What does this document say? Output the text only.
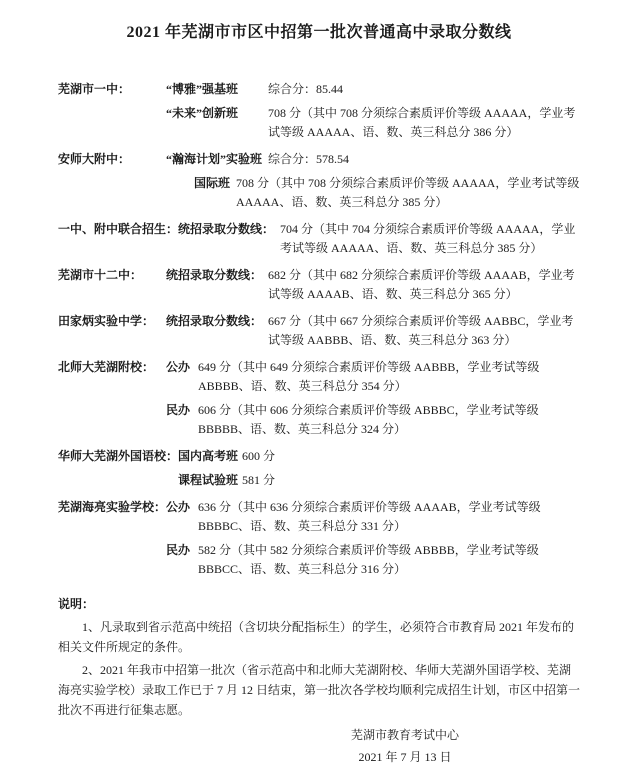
2021 年芜湖市市区中招第一批次普通高中录取分数线
芜湖市一中：	“博雅”强基班	综合分：85.44
“未来”创新班	708 分（其中 708 分须综合素质评价等级 AAAAA，学业考试等级 AAAAA、语、数、英三科总分 386 分）
安师大附中：	“瀚海计划”实验班 综合分：578.54
国际班 708 分（其中 708 分须综合素质评价等级 AAAAA，学业考试等级 AAAAA、语、数、英三科总分 385 分）
一中、附中联合招生： 统招录取分数线： 704 分（其中 704 分须综合素质评价等级 AAAAA，学业考试等级 AAAAA、语、数、英三科总分 385 分）
芜湖市十二中：	统招录取分数线： 682 分（其中 682 分须综合素质评价等级 AAAAB，学业考试等级 AAAAB、语、数、英三科总分 365 分）
田家炳实验中学： 统招录取分数线： 667 分（其中 667 分须综合素质评价等级 AABBC，学业考试等级 AABBB、语、数、英三科总分 363 分）
北师大芜湖附校： 公办 649 分（其中 649 分须综合素质评价等级 AABBB，学业考试等级 ABBBB、语、数、英三科总分 354 分）
民办 606 分（其中 606 分须综合素质评价等级 ABBBC，学业考试等级 BBBBB、语、数、英三科总分 324 分）
华师大芜湖外国语校： 国内高考班 600 分
课程试验班 581 分
芜湖海亮实验学校： 公办 636 分（其中 636 分须综合素质评价等级 AAAAB，学业考试等级 BBBBC、语、数、英三科总分 331 分）
民办 582 分（其中 582 分须综合素质评价等级 ABBBB，学业考试等级 BBBCC、语、数、英三科总分 316 分）
说明：

1、凡录取到省示范高中统招（含切块分配指标生）的学生，必须符合市教育局 2021 年发布的相关文件所规定的条件。

2、2021 年我市中招第一批次（省示范高中和北师大芜湖附校、华师大芜湖外国语学校、芜湖海亮实验学校）录取工作已于 7 月 12 日结束，第一批次各学校均顺利完成招生计划，市区中招第一批次不再进行征集志愿。

芜湖市教育考试中心

2021 年 7 月 13 日
